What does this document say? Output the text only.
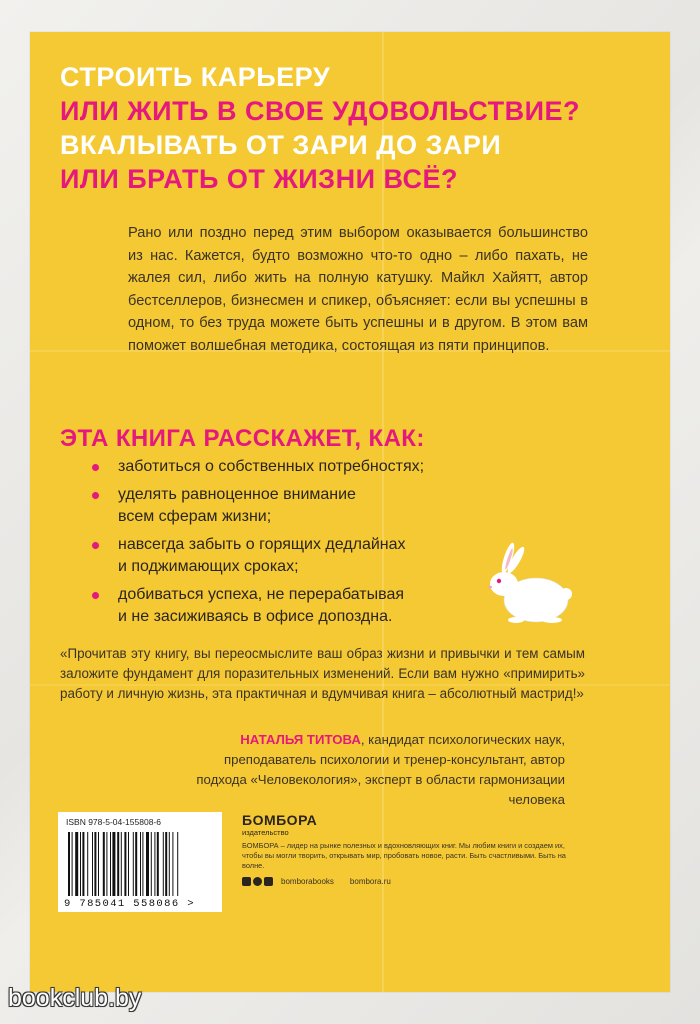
СТРОИТЬ КАРЬЕРУ
ИЛИ ЖИТЬ В СВОЕ УДОВОЛЬСТВИЕ?
ВКАЛЫВАТЬ ОТ ЗАРИ ДО ЗАРИ
ИЛИ БРАТЬ ОТ ЖИЗНИ ВСЁ?
Рано или поздно перед этим выбором оказывается большинство из нас. Кажется, будто возможно что-то одно – либо пахать, не жалея сил, либо жить на полную катушку. Майкл Хайятт, автор бестселлеров, бизнесмен и спикер, объясняет: если вы успешны в одном, то без труда можете быть успешны и в другом. В этом вам поможет волшебная методика, состоящая из пяти принципов.
ЭТА КНИГА РАССКАЖЕТ, КАК:
заботиться о собственных потребностях;
уделять равноценное внимание
всем сферам жизни;
навсегда забыть о горящих дедлайнах
и поджимающих сроках;
добиваться успеха, не перерабатывая
и не засиживаясь в офисе допоздна.
«Прочитав эту книгу, вы переосмыслите ваш образ жизни и привычки и тем самым заложите фундамент для поразительных изменений. Если вам нужно «примирить» работу и личную жизнь, эта практичная и вдумчивая книга – абсолютный мастрид!»
НАТАЛЬЯ ТИТОВА, кандидат психологических наук, преподаватель психологии и тренер-консультант, автор подхода «Человекология», эксперт в области гармонизации человека
ISBN 978-5-04-155808-6
9 785041 558086 >
БОМБОРА
издательство
БОМБОРА – лидер на рынке полезных и вдохновляющих книг. Мы любим книги и создаем их, чтобы вы могли творить, открывать мир, пробовать новое, расти. Быть счастливыми. Быть на волне.
bomborabooks bombora.ru
bookclub.by
